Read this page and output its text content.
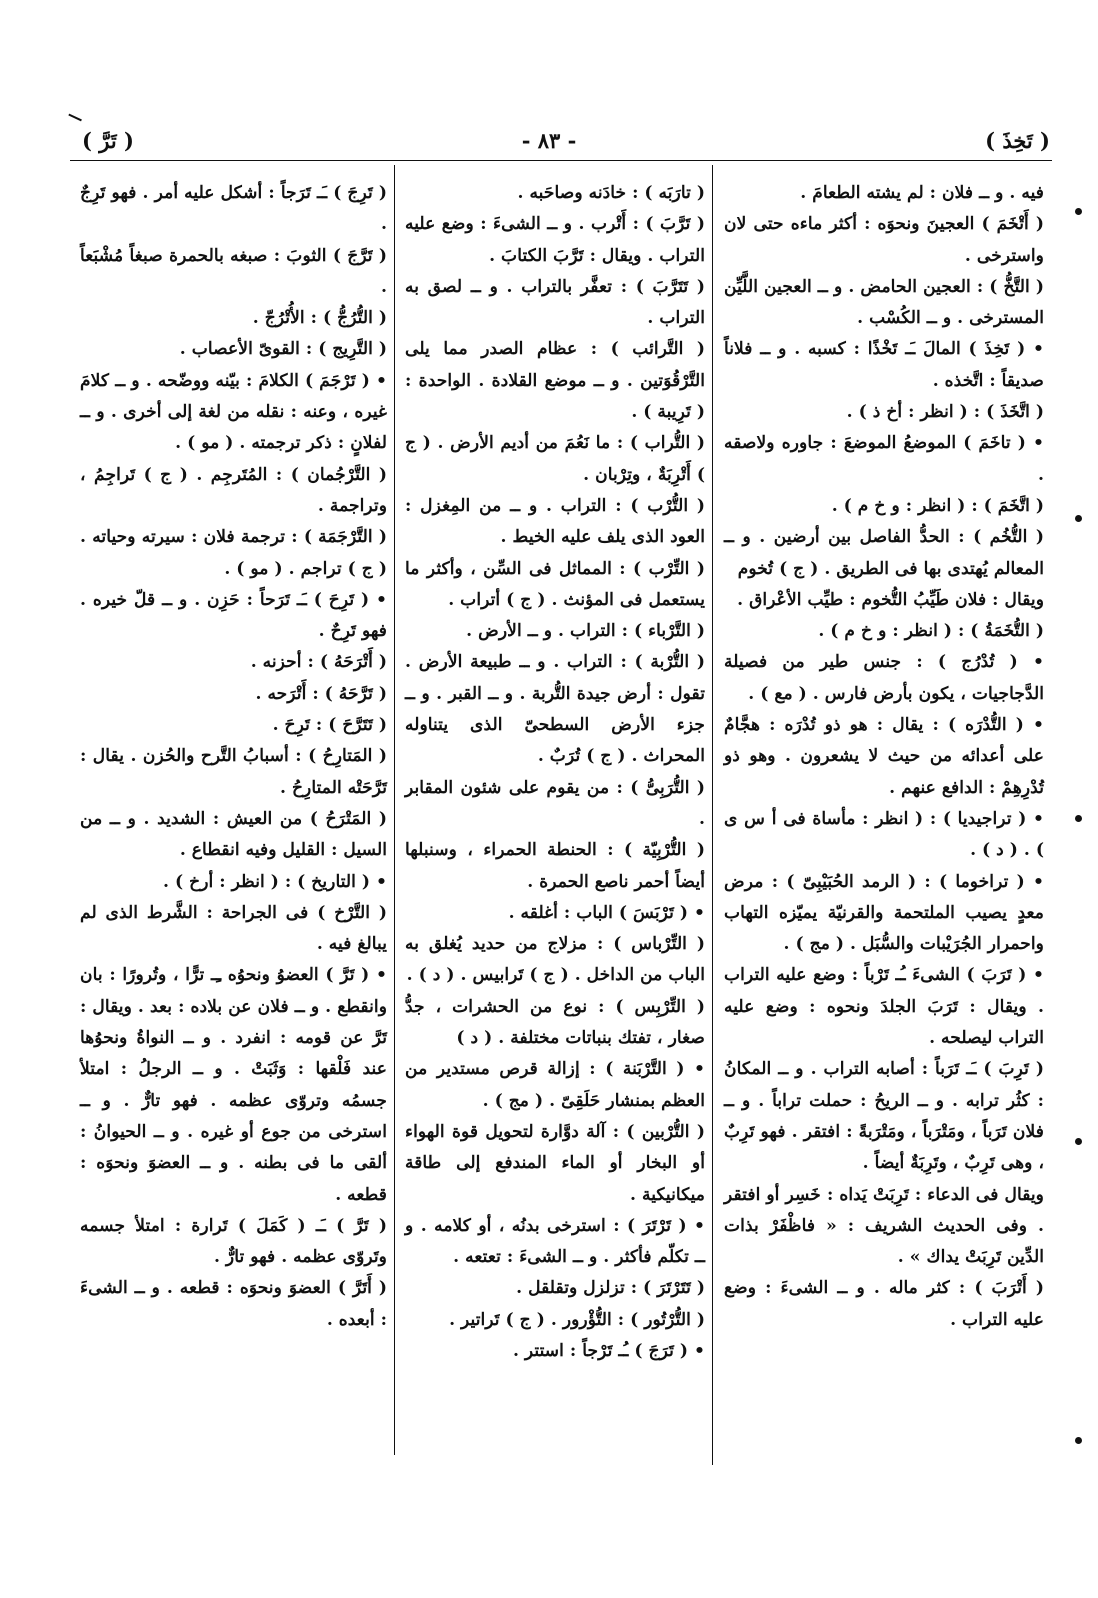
( تَخِذَ )
- ٨٣ -
( تَرَّ )

فيه . و ــ فلان : لم يشته الطعامَ .

( أَتْخَمَ ) العجينَ ونحوَه : أكثر ماءه حتى لان واسترخى .

( التَّخُّ ) : العجين الحامض . و ــ العجين اللَّيِّن المسترخى . و ــ الكُسْب .

• ( تَخِذَ ) المالَ ـَـ تَخْذًا : كسبه . و ــ فلاناً صديقاً : اتَّخذه .

( اتَّخَذَ ) : ( انظر : أخ ذ ) .

• ( تاخَمَ ) الموضعُ الموضعَ : جاوره ولاصقه .

( اتَّخَمَ ) : ( انظر : و خ م ) .

( التُّخُم ) : الحدُّ الفاصل بين أرضين . و ــ المعالم يُهتدى بها فى الطريق . ( ج ) تُخوم

ويقال : فلان طَيِّبُ التُّخوم : طيِّب الأعْراق .

( التُّخَمَةُ ) : ( انظر : و خ م ) .

• ( تُدْرُج ) : جنس طير من فصيلة الدَّجاجيات ، يكون بأرض فارس . ( مع ) .

• ( التُّدْرَه ) : يقال : هو ذو تُدْرَه : هجَّامٌ على أعدائه من حيث لا يشعرون . وهو ذو تُدْرِهِمْ : الدافع عنهم .

• ( تراجيديا ) : ( انظر : مأساة فى أ س ى ) . ( د ) .

• ( تراخوما ) : ( الرمد الحُبَيْبِىّ ) : مرض معدٍ يصيب الملتحمة والقرنيّة يميّزه التهاب واحمرار الجُرَيْبات والسُّبَل . ( مج ) .

• ( تَرَبَ ) الشىءَ ـُـ تَرْباً : وضع عليه التراب . ويقال : تَرَبَ الجلدَ ونحوه : وضع عليه التراب ليصلحه .

( تَرِبَ ) ـَـ تَرَباً : أصابه التراب . و ــ المكانُ : كثُر ترابه . و ــ الريحُ : حملت تراباً . و ــ فلان تَرَباً ، ومَتْرَباً ، ومَتْرَبةً : افتقر . فهو تَرِبٌ ، وهى تَرِبٌ ، وتَرِبَةٌ أيضاً .

ويقال فى الدعاء : تَرِبَتْ يَداه : خَسِر أو افتقر . وفى الحديث الشريف : « فاظْفَرْ بذات الدِّين تَرِبَتْ يداك » .

( أَتْرَبَ ) : كثر ماله . و ــ الشىءَ : وضع عليه التراب .

( تارَبَه ) : خادَنه وصاحَبه .

( تَرَّبَ ) : أَتْرب . و ــ الشىءَ : وضع عليه التراب . ويقال : تَرَّبَ الكتابَ .

( تَتَرَّبَ ) : تعفَّر بالتراب . و ــ لصق به التراب .

( التَّرائب ) : عظام الصدر مما يلى التَّرْقُوَتين . و ــ موضع القلادة . الواحدة : ( تَرِيبة ) .

( التُّراب ) : ما نَعُمَ من أديم الأرض . ( ج ) أَتْرِبَةٌ ، وتِرْبان .

( التُّرْب ) : التراب . و ــ من المِغزل : العود الذى يلف عليه الخيط .

( التِّرْب ) : المماثل فى السِّن ، وأكثر ما يستعمل فى المؤنث . ( ج ) أتراب .

( التَّرْباء ) : التراب . و ــ الأرض .

( التُّرْبة ) : التراب . و ــ طبيعة الأرض . تقول : أرض جيدة التُّربة . و ــ القبر . و ــ جزء الأرض السطحىّ الذى يتناوله المحراث . ( ج ) تُرَبٌ .

( التُّرَبِىُّ ) : من يقوم على شئون المقابر .

( التُّرْبِيّة ) : الحنطة الحمراء ، وسنبلها أيضاً أحمر ناصع الحمرة .

• ( تَرْبَسَ ) الباب : أغلقه .

( التِّرْباس ) : مزلاج من حديد يُغلق به الباب من الداخل . ( ج ) تَرابيس . ( د ) .

( التِّرْبِس ) : نوع من الحشرات ، جدُّ صغار ، تفتك بنباتات مختلفة . ( د )

• ( التَّرْبَنة ) : إزالة قرص مستدير من العظم بمنشار حَلَقِىّ . ( مج ) .

( التُّرْبين ) : آلة دوَّارة لتحويل قوة الهواء أو البخار أو الماء المندفع إلى طاقة ميكانيكية .

• ( تَرْتَرَ ) : استرخى بدنُه ، أو كلامه . و ــ تكلّم فأكثر . و ــ الشىءَ : تعتعه .

( تَتَرْتَرَ ) : تزلزل وتقلقل .

( التُّرْتُور ) : التُّؤْرور . ( ج ) تَراتير .

• ( تَرَجَ ) ـُـ تَرْجاً : استتر .

( تَرِجَ ) ـَـ تَرَجاً : أشكل عليه أمر . فهو تَرِجٌ .

( تَرَّجَ ) الثوبَ : صبغه بالحمرة صبغاً مُشْبَعاً .

( التُّرُجُّ ) : الأُتْرُجّ .

( التَّرِيج ) : القوىّ الأعصاب .

• ( تَرْجَمَ ) الكلامَ : بيّنه ووضّحه . و ــ كلامَ غيره ، وعنه : نقله من لغة إلى أخرى . و ــ لفلانٍ : ذكر ترجمته . ( مو ) .

( التَّرْجُمان ) : المُتَرجِم . ( ج ) تَراجِمُ ، وتراجمة .

( التَّرْجَمَة ) : ترجمة فلان : سيرته وحياته . ( ج ) تراجم . ( مو ) .

• ( تَرِحَ ) ـَـ تَرَحاً : حَزِن . و ــ قلّ خيره . فهو تَرِحٌ .

( أَتْرَحَهُ ) : أحزنه .

( تَرَّحَهُ ) : أَتْرَحه .

( تَتَرَّحَ ) : تَرِحَ .

( المَتارِحُ ) : أسبابُ التَّرح والحُزن . يقال : تَرَّحَتْه المتارِحُ .

( المَتْرَحُ ) من العيش : الشديد . و ــ من السيل : القليل وفيه انقطاع .

• ( التاريخ ) : ( انظر : أرخ ) .

( التَّرْخ ) فى الجراحة : الشَّرط الذى لم يبالغ فيه .

• ( تَرَّ ) العضوُ ونحوُه ـِـ ترًّا ، وتُرورًا : بان وانقطع . و ــ فلان عن بلاده : بعد . ويقال : تَرَّ عن قومه : انفرد . و ــ النواةُ ونحوُها عند فَلْقها : وَثَبَتْ . و ــ الرجلُ : امتلأ جسمُه وتروّى عظمه . فهو تارٌّ . و ــ استرخى من جوع أو غيره . و ــ الحيوانُ : ألقى ما فى بطنه . و ــ العضوَ ونحوَه : قطعه .

( تَرَّ ) ـَـ ( كَمَلَ ) تَرارة : امتلأ جسمه وتَروّى عظمه . فهو تارٌّ .

( أَتَرَّ ) العضوَ ونحوَه : قطعه . و ــ الشىءَ : أبعده .
